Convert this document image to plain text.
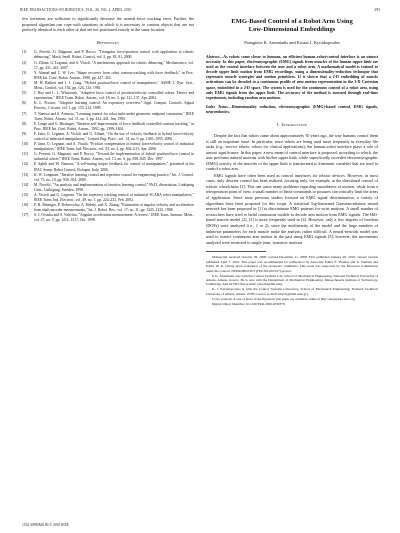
IEEE TRANSACTIONS ON ROBOTICS, VOL. 26, NO. 2, APRIL 2010	393

few iterations are sufficient to significantly decrease the normal-force tracking error. Further, the proposed algorithm can cope with situations in which it is necessary to contour objects that are not perfectly identical to each other or that are not positioned exactly in the same location.

References
[1]	G. Ferretti, G. Magnani, and P. Rocco, "Triangular force/position control with application to robotic deburring," Mach. Intell. Robot. Control, vol. 2, pp. 83–91, 2000.
[2]	G. Ziliani, G. Legnani, and A. Visioli, "A mechatronic approach for robotic deburring," Mechatronics, vol. 17, pp. 431–441, 2007.
[3]	Y. Ahmad and C. W. Lee, "Shape recovery from robot contour-tracking with force feedback," in Proc. IEEE Int. Conf. Robot. Autom., 1990, pp. 447–452.
[4]	M. H. Raibert and J. J. Craig, "Hybrid position/force control of manipulators," ASME J. Dyn. Syst., Meas., Control, vol. 102, pp. 126–133, 1981.
[5]	J. Roy and L. L. Whitcomb, "Adaptive force control of position/velocity controlled robots: Theory and experiments," IEEE Trans. Robot. Autom., vol. 18, no. 2, pp. 121–137, Apr. 2002.
[6]	K. L. Proctor, "Adaptive learning control: An expository overview," Appl. Comput. Controls, Signal Process., Circuits, vol. 1, pp. 155–214, 1999.
[7]	T. Naniwa and S. Arimoto, "Learning control for robot tasks under geometric endpoint constraints," IEEE Trans. Robot. Autom., vol. 11, no. 3, pp. 432–441, Jun. 1995.
[8]	F. Lange and G. Hirzinger, "Iterative self-improvement of force feedback controlled contour tracking," in Proc. IEEE Int. Conf. Robot. Autom., 1992, pp. 1399–1404.
[9]	F. Jatta, G. Legnani, A. Visioli, and G. Ziliani, "On the use of velocity feedback in hybrid force/velocity control of industrial manipulators," Control Eng. Pract., vol. 14, no. 9, pp. 1045–1055, 2006.
[10]	F. Jatta, G. Legnani, and A. Visioli, "Friction compensation in hybrid force/velocity control of industrial manipulators," IEEE Trans. Ind. Electron., vol. 53, no. 2, pp. 604–613, Apr. 2006.
[11]	G. Ferretti, G. Magnani, and P. Rocco, "Toward the implementation of hybrid position/force control in industrial robots," IEEE Trans. Robot. Autom., vol. 13, no. 6, pp. 838–845, Dec. 1997.
[12]	P. Aghili and M. Namvar, "A self-tuning torque feedback for control of manipulators," presented at the IFAC Symp. Robot Control, Bologna, Italy, 2006.
[13]	K. W. Longman, "Iterative learning control and repetitive control for engineering practice," Int. J. Control, vol. 73, no. 10, pp. 930–954, 2000.
[14]	M. Norrlöf, "An analysis and implementation of iterative learning control," Ph.D. dissertation, Linköping Univ., Linköping, Sweden, 1998.
[15]	A. Visioli and G. Legnani, "On the trajectory tracking control of industrial SCARA robot manipulators," IEEE Trans. Ind. Electron., vol. 49, no. 1, pp. 224–232, Feb. 2002.
[16]	F. R. Belanger, P. Dobrovolny, A. Helmy, and X. Zhang, "Estimation of angular velocity and acceleration from shaft-encoder measurements," Int. J. Robot. Res., vol. 17, no. 11, pp. 1225–1233, 1998.
[17]	S. J. Ovaska and S. Valiviita, "Angular acceleration measurement: A review," IEEE Trans. Instrum. Meas., vol. 47, no. 5, pp. 1211–1217, Oct. 1998.
EMG-Based Control of a Robot Arm Using
Low-Dimensional Embeddings
Panagiotis K. Artemiadis and Kostas J. Kyriakopoulos

Abstract—As robots come closer to humans, an efficient human–robot-control interface is an utmost necessity. In this paper, electromyographic (EMG) signals from muscles of the human upper limb are used as the control interface between the user and a robot arm. A mathematical model is trained to decode upper limb motion from EMG recordings, using a dimensionality-reduction technique that represents muscle synergies and motion primitives. It is shown that a 2-D embedding of muscle activations can be decoded to a continuous profile of arm motion representation in the 3-D Cartesian space, embedded in a 2-D space. The system is used for the continuous control of a robot arm, using only EMG signals from the upper limb. The accuracy of the method is assessed through real-time experiments, including random arm motions.

Index Terms—Dimensionality reduction, electromyographic (EMG)-based control, EMG signals, neurorobotics.

I. Introduction

Despite the fact that robots came about approximately 50 years ago, the way humans control them is still an important issue. In particular, since robots are being used more frequently in everyday life tasks (e.g., service robots, robots for clinical applications), the human–robot interface plays a role of utmost significance. In this paper, a new mean of control interface is proposed, according to which, the user performs natural motions with his/her upper limb, while superficially recorded electromyographic (EMG) activity of the muscles of the upper limb is transformed to kinematic variables that are used to control a robot arm.

EMG signals have often been used as control interfaces for robotic devices. However, in most cases, only discrete control has been realized, focusing only, for example, at the directional control of robotic wheelchairs [1]. This can cause many problems regarding smoothness of motion, while from a teleoperation point of view, a small number of finite commands or postures can critically limit the areas of application. Since most previous studies focused on EMG signal discrimination, a variety of algorithms have been proposed for this scope. A statistical log-linearized Gaussian-mixture neural network has been proposed in [1] to discriminate EMG patterns for wrist motions. A small number of researchers have tried to build continuous models to decode arm motion from EMG signals. The Hill-based muscle model [2], [3] is more frequently used in [4]. However, only a few degrees of freedom (DOFs) were analyzed (i.e., 1 or 2), since the nonlinearity of the model and the large numbers of unknown parameters for each muscle make the analysis rather difficult. A neural-network model was used to extract continuous arm motion in the past using EMG signals [5]; however, the movements analyzed were restricted to single-joint, isometric motions.

Manuscript received October 28, 2008; revised December 11, 2008. First published January 29, 2010; current version published April 7, 2010. This paper was recommended for publication by Associate Editor F. Thomas and K. Yamane and Editor W. K. Chung upon evaluation of the reviewers' comments. This work was supported by the European Commission under the contract NEUROBOTICS (FP6-IST-001917) project.

P. K. Artemiadis was with the Control Systems Lab, School of Mechanical Engineering, National Technical University of Athens, Athens, Greece. He is now with the Department of Mechanical Engineering, Massachusetts Institute of Technology, Cambridge, MA 02139 USA (e-mail: partemi@mit.edu).

K. J. Kyriakopoulos is with the Control Systems Laboratory, School of Mechanical Engineering, National Technical University of Athens, Athens 15780, Greece (e-mail: kkyria@mail.ntua.gr).

Color versions of one or more of the figures in this paper are available online at http://ieeexplore.ieee.org.

Digital Object Identifier 10.1109/TRO.2009.2039378

1552-3098/$26.00 © 2010 IEEE
